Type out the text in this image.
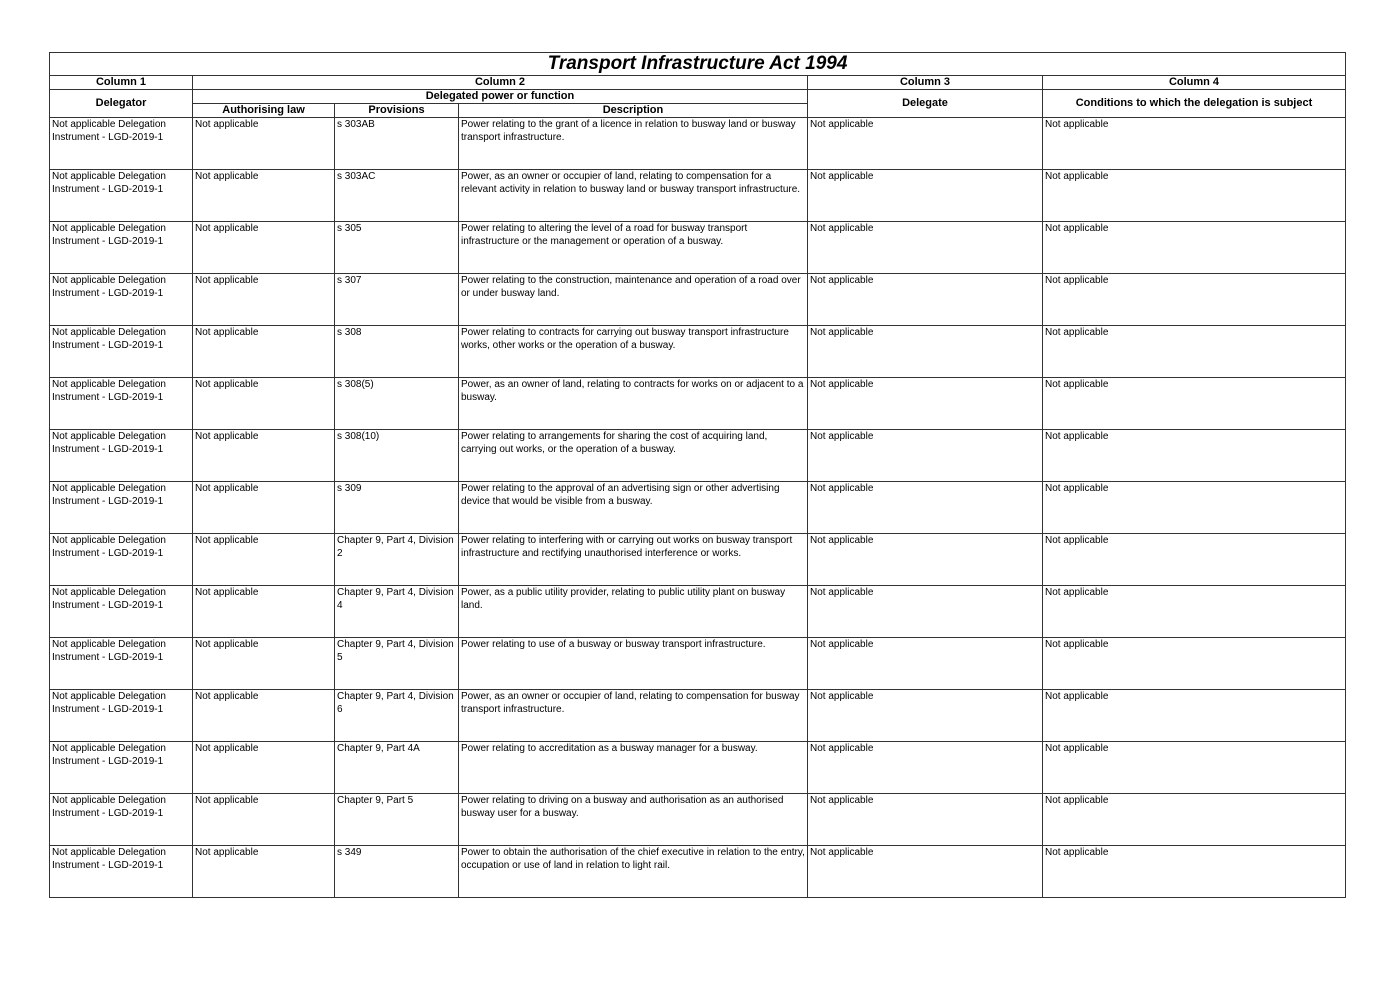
Transport Infrastructure Act 1994					
Column 1	Column 2			Column 3	Column 4
Delegator	Delegated power or function			Delegate	Conditions to which the delegation is subject
	Authorising law	Provisions	Description		
Not applicable Delegation Instrument - LGD-2019-1	Not applicable	s 303AB	Power relating to the grant of a licence in relation to busway land or busway transport infrastructure.	Not applicable	Not applicable
Not applicable Delegation Instrument - LGD-2019-1	Not applicable	s 303AC	Power, as an owner or occupier of land, relating to compensation for a relevant activity in relation to busway land or busway transport infrastructure.	Not applicable	Not applicable
Not applicable Delegation Instrument - LGD-2019-1	Not applicable	s 305	Power relating to altering the level of a road for busway transport infrastructure or the management or operation of a busway.	Not applicable	Not applicable
Not applicable Delegation Instrument - LGD-2019-1	Not applicable	s 307	Power relating to the construction, maintenance and operation of a road over or under busway land.	Not applicable	Not applicable
Not applicable Delegation Instrument - LGD-2019-1	Not applicable	s 308	Power relating to contracts for carrying out busway transport infrastructure works, other works or the operation of a busway.	Not applicable	Not applicable
Not applicable Delegation Instrument - LGD-2019-1	Not applicable	s 308(5)	Power, as an owner of land, relating to contracts for works on or adjacent to a busway.	Not applicable	Not applicable
Not applicable Delegation Instrument - LGD-2019-1	Not applicable	s 308(10)	Power relating to arrangements for sharing the cost of acquiring land, carrying out works, or the operation of a busway.	Not applicable	Not applicable
Not applicable Delegation Instrument - LGD-2019-1	Not applicable	s 309	Power relating to the approval of an advertising sign or other advertising device that would be visible from a busway.	Not applicable	Not applicable
Not applicable Delegation Instrument - LGD-2019-1	Not applicable	Chapter 9, Part 4, Division 2	Power relating to interfering with or carrying out works on busway transport infrastructure and rectifying unauthorised interference or works.	Not applicable	Not applicable
Not applicable Delegation Instrument - LGD-2019-1	Not applicable	Chapter 9, Part 4, Division 4	Power, as a public utility provider, relating to public utility plant on busway land.	Not applicable	Not applicable
Not applicable Delegation Instrument - LGD-2019-1	Not applicable	Chapter 9, Part 4, Division 5	Power relating to use of a busway or busway transport infrastructure.	Not applicable	Not applicable
Not applicable Delegation Instrument - LGD-2019-1	Not applicable	Chapter 9, Part 4, Division 6	Power, as an owner or occupier of land, relating to compensation for busway transport infrastructure.	Not applicable	Not applicable
Not applicable Delegation Instrument - LGD-2019-1	Not applicable	Chapter 9, Part 4A	Power relating to accreditation as a busway manager for a busway.	Not applicable	Not applicable
Not applicable Delegation Instrument - LGD-2019-1	Not applicable	Chapter 9, Part 5	Power relating to driving on a busway and authorisation as an authorised busway user for a busway.	Not applicable	Not applicable
Not applicable Delegation Instrument - LGD-2019-1	Not applicable	s 349	Power to obtain the authorisation of the chief executive in relation to the entry, occupation or use of land in relation to light rail.	Not applicable	Not applicable
